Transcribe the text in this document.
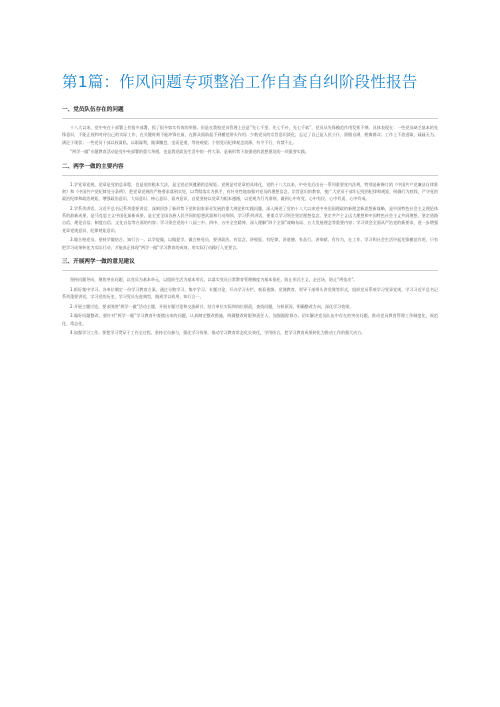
第1篇：作风问题专项整治工作自查自纠阶段性报告
一、党员队伍存在的问题

十八大以来，党中央在十部署上有很多部署，抓了很多如实有效的举措。但是在我校党员管理上还是“先七千里，先七千补，先七千软”，党员从先锋模范作用发挥不够。具体表现在：一些党员缺乏基本的先锋意识，不能正视和对待自己的实际工作，在关键时刻不能冲锋在前，在群众面前起不到模范带头作用；少数党员的宗旨意识淡化，忘记了自己是人民公仆，骄傲自满，脱离群众；工作上不思进取，碌碌无为，满足于现状；一些党员干部以权谋私，以职谋利，做事懈怠，坐而论道，等待观望；个别党员纪律观念淡薄，有令不行，有禁不止。

“两学一做”专题教育活动是党中央部署的重大举措，也是我党政治生活中的一件大事，是新形势下加强党的思想建设的一项重要实践。

二、两学一做的主要内容

1.学党章党规。党章是党的总章程，也是党的根本大法，是全党必须遵循的总规矩。党规是对党章的具体化，党的十八大以来，中央先后出台一系列重要党内法规，特别是新修订的《中国共产党廉洁自律准则》和《中国共产党纪律处分条例》，把党章党规的严格要求落到实处，以贯彻落实为抓手，有针对性地加强对党员的理想信念、宗旨意识的教育，使广大党员干部牢记党的纪律和规矩，明确行为底线，严守党的政治纪律和政治规矩，增强政治意识、大局意识、核心意识、看齐意识，自觉坚持以党章为根本遵循，以党规为行为准则，做到心中有党、心中有民、心中有责、心中有戒。

2.学系列讲话。习近平总书记系列重要讲话，深刻回答了新形势下党和国家事业发展的重大理论和实践问题，深入阐述了党的十八大以来党中央治国理政的新理念新思想新战略，是中国特色社会主义理论体系的最新成果，是马克思主义中国化最新成果，是全党全国各族人民共同的思想武器和行动纲领。学习系列讲话，要重点学习领会坚定理想信念、坚定共产主义远大理想和中国特色社会主义共同理想、坚定道路自信、理论自信、制度自信、文化自信等方面的内容；学习领会党的十八届三中、四中、五中全会精神，深入理解“四个全面”战略布局、五大发展理念等重要内容；学习领会全面从严治党的新要求，进一步增强党章党规意识、纪律规矩意识。

3.做合格党员。坚持学做结合、知行合一，以学促做，以做促学。做合格党员，要讲政治、有信念，讲规矩、有纪律，讲道德、有品行，讲奉献、有作为，在工作、学习和社会生活中起先锋模范作用，只有把学习成果转化为实际行动，才能真正体现“两学一做”学习教育的成效，用实际行动践行入党誓言。

三、开展两学一做的意见建议

坚持问题导向，聚焦突出问题，以党员为基本单元，以组织生活为基本形式，以落实党员日常教育管理制度为基本依托，防止形式主义，走过场，防止“两张皮”。

1.抓好集中学习。各单位制定一份学习教育方案，通过分散学习、集中学习、专题讨论、开办学习专栏、观看视频、党课教育、领导干部带头讲党课等形式，组织党员系统学习党章党规，学习习近平总书记系列重要讲话，学习党的历史，学习党员先进典型，做到学以致用、知行合一。

2.开展主题讨论。要求围绕“两学一做”活动主题，开展专题讨论和交流研讨，结合单位实际和岗位职责，查找问题，分析原因，明确整改方向，深化学习效果。

3.做好问题整改。要针对“两学一做”学习教育中查摆出来的问题，认真制定整改措施，明确整改时限和责任人，加强跟踪督办，切实解决党员队伍中存在的突出问题，推动党员教育管理工作制度化、规范化、常态化。

4.加强学习工作。要把学习贯穿于工作全过程，坚持全员参与，强化学习效果，推动学习教育常态化长效化，学用结合，把学习教育成果转化为推动工作的强大动力。
